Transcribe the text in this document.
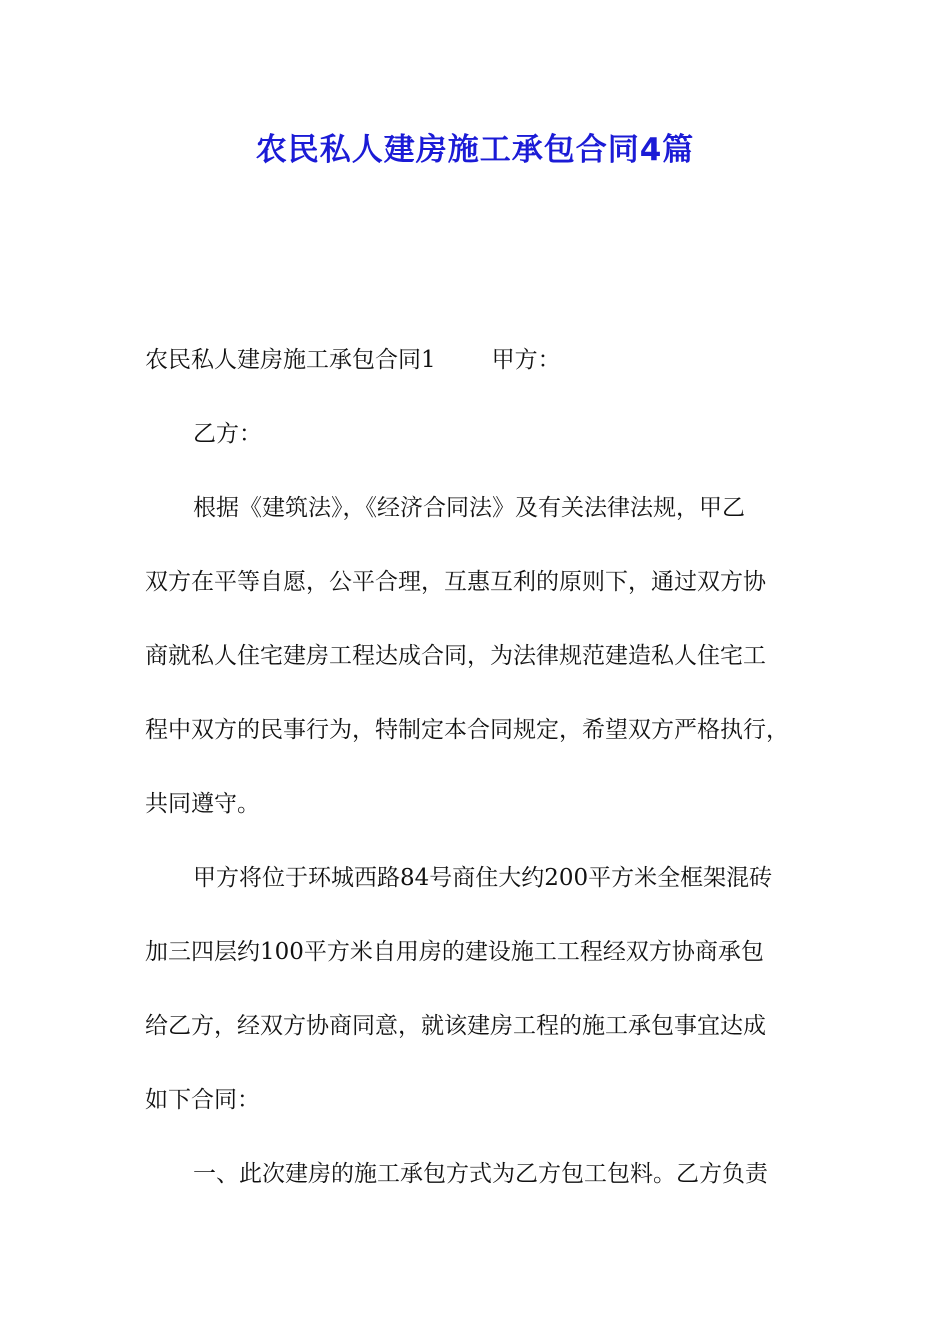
农民私人建房施工承包合同4篇

农民私人建房施工承包合同1 甲方：

乙方：

根据《建筑法》，《经济合同法》及有关法律法规，甲乙

双方在平等自愿，公平合理，互惠互利的原则下，通过双方协

商就私人住宅建房工程达成合同，为法律规范建造私人住宅工

程中双方的民事行为，特制定本合同规定，希望双方严格执行，

共同遵守。

甲方将位于环城西路84号商住大约200平方米全框架混砖

加三四层约100平方米自用房的建设施工工程经双方协商承包

给乙方，经双方协商同意，就该建房工程的施工承包事宜达成

如下合同：

一、此次建房的施工承包方式为乙方包工包料。乙方负责
